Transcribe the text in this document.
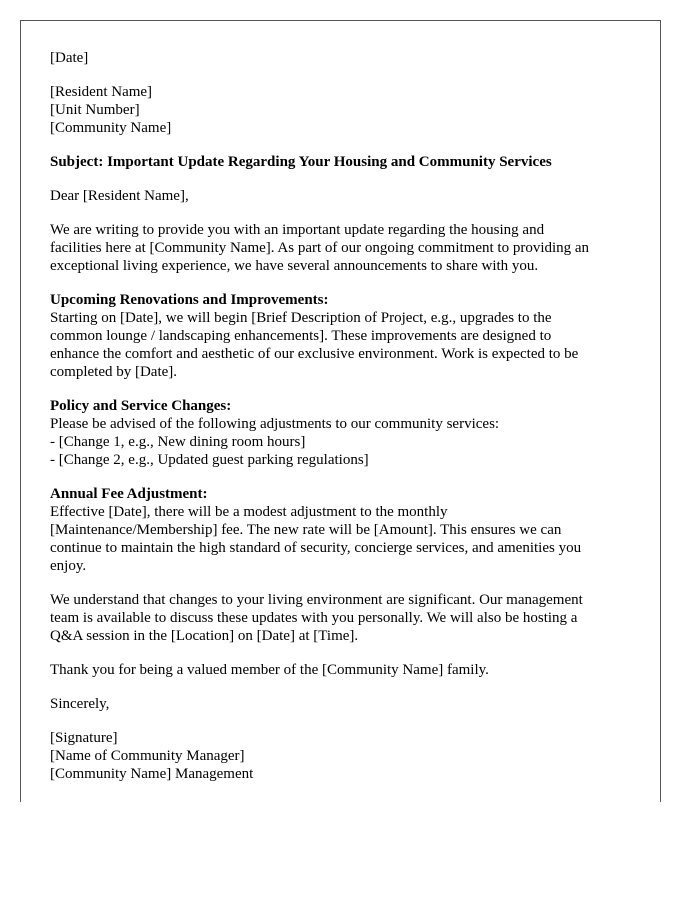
[Date]

[Resident Name]
[Unit Number]
[Community Name]

Subject: Important Update Regarding Your Housing and Community Services

Dear [Resident Name],

We are writing to provide you with an important update regarding the housing and
facilities here at [Community Name]. As part of our ongoing commitment to providing an
exceptional living experience, we have several announcements to share with you.

Upcoming Renovations and Improvements:
Starting on [Date], we will begin [Brief Description of Project, e.g., upgrades to the
common lounge / landscaping enhancements]. These improvements are designed to
enhance the comfort and aesthetic of our exclusive environment. Work is expected to be
completed by [Date].

Policy and Service Changes:
Please be advised of the following adjustments to our community services:
- [Change 1, e.g., New dining room hours]
- [Change 2, e.g., Updated guest parking regulations]

Annual Fee Adjustment:
Effective [Date], there will be a modest adjustment to the monthly
[Maintenance/Membership] fee. The new rate will be [Amount]. This ensures we can
continue to maintain the high standard of security, concierge services, and amenities you
enjoy.

We understand that changes to your living environment are significant. Our management
team is available to discuss these updates with you personally. We will also be hosting a
Q&A session in the [Location] on [Date] at [Time].

Thank you for being a valued member of the [Community Name] family.

Sincerely,

[Signature]
[Name of Community Manager]
[Community Name] Management
